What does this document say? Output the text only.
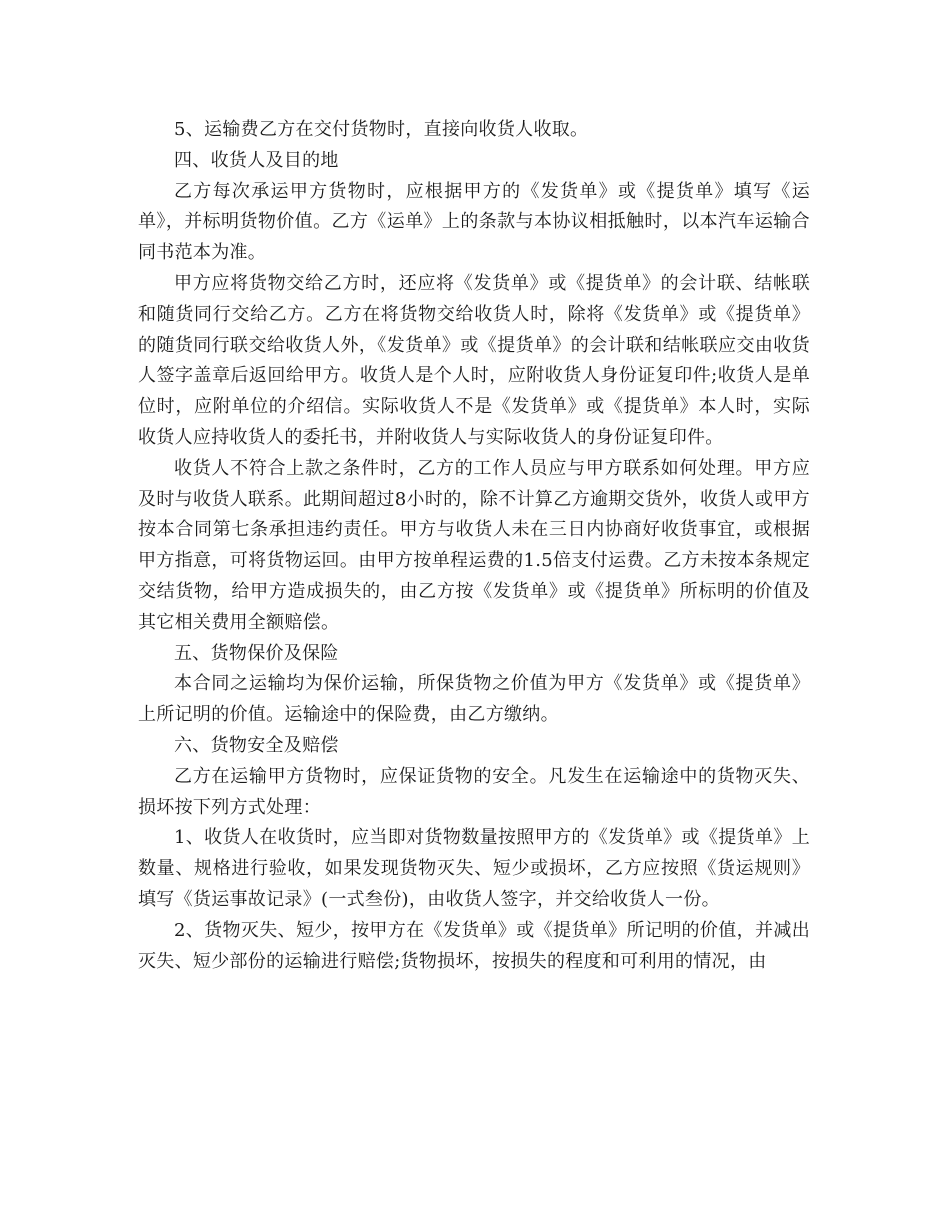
5、运输费乙方在交付货物时，直接向收货人收取。

四、收货人及目的地

乙方每次承运甲方货物时，应根据甲方的《发货单》或《提货单》填写《运单》，并标明货物价值。乙方《运单》上的条款与本协议相抵触时，以本汽车运输合同书范本为准。

甲方应将货物交给乙方时，还应将《发货单》或《提货单》的会计联、结帐联和随货同行交给乙方。乙方在将货物交给收货人时，除将《发货单》或《提货单》的随货同行联交给收货人外，《发货单》或《提货单》的会计联和结帐联应交由收货人签字盖章后返回给甲方。收货人是个人时，应附收货人身份证复印件;收货人是单位时，应附单位的介绍信。实际收货人不是《发货单》或《提货单》本人时，实际收货人应持收货人的委托书，并附收货人与实际收货人的身份证复印件。

收货人不符合上款之条件时，乙方的工作人员应与甲方联系如何处理。甲方应及时与收货人联系。此期间超过8小时的，除不计算乙方逾期交货外，收货人或甲方按本合同第七条承担违约责任。甲方与收货人未在三日内协商好收货事宜，或根据甲方指意，可将货物运回。由甲方按单程运费的1.5倍支付运费。乙方未按本条规定交结货物，给甲方造成损失的，由乙方按《发货单》或《提货单》所标明的价值及其它相关费用全额赔偿。

五、货物保价及保险

本合同之运输均为保价运输，所保货物之价值为甲方《发货单》或《提货单》上所记明的价值。运输途中的保险费，由乙方缴纳。

六、货物安全及赔偿

乙方在运输甲方货物时，应保证货物的安全。凡发生在运输途中的货物灭失、损坏按下列方式处理：

1、收货人在收货时，应当即对货物数量按照甲方的《发货单》或《提货单》上数量、规格进行验收，如果发现货物灭失、短少或损坏，乙方应按照《货运规则》填写《货运事故记录》(一式叁份)，由收货人签字，并交给收货人一份。

2、货物灭失、短少，按甲方在《发货单》或《提货单》所记明的价值，并减出灭失、短少部份的运输进行赔偿;货物损坏，按损失的程度和可利用的情况，由
